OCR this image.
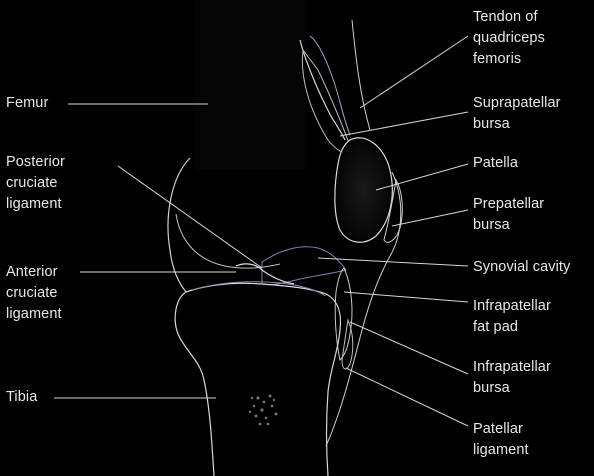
Femur
Posterior
cruciate
ligament
Anterior
cruciate
ligament
Tibia
Tendon of
quadriceps
femoris
Suprapatellar
bursa
Patella
Prepatellar
bursa
Synovial cavity
Infrapatellar
fat pad
Infrapatellar
bursa
Patellar
ligament
